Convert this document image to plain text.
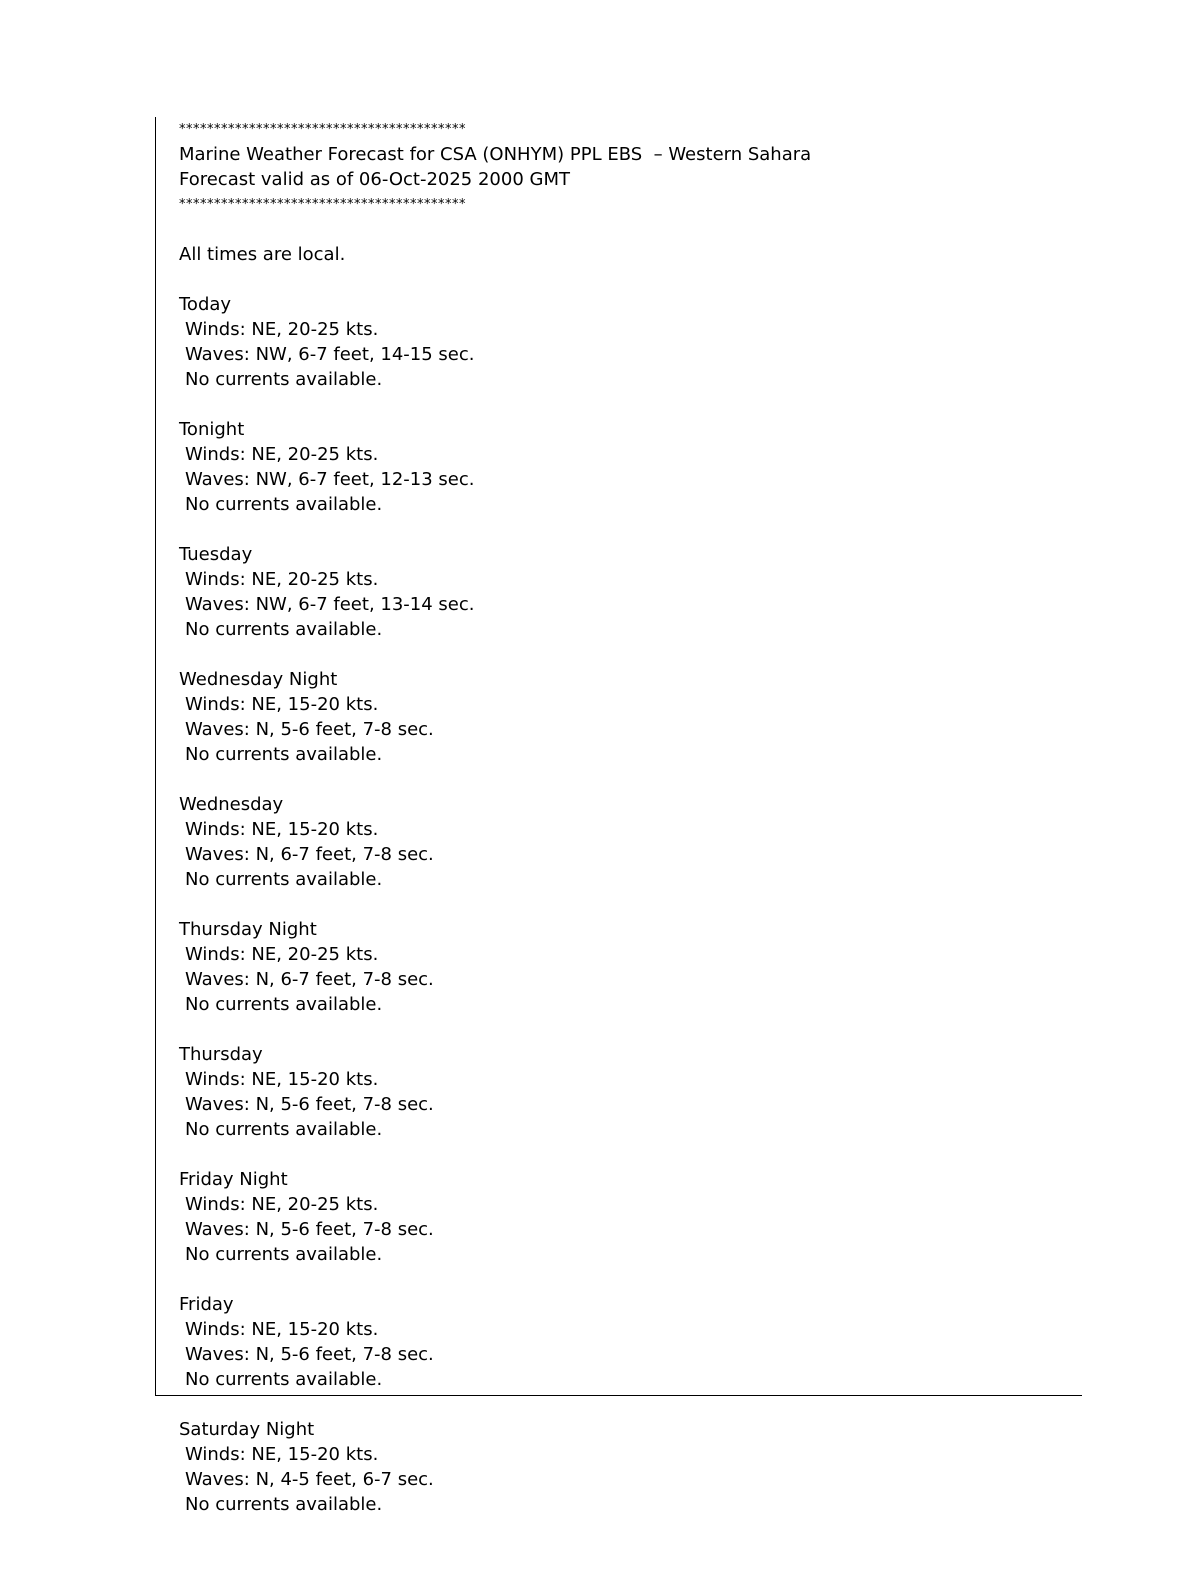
*****************************************
Marine Weather Forecast for CSA (ONHYM) PPL EBS  – Western Sahara
Forecast valid as of 06-Oct-2025 2000 GMT
*****************************************
All times are local.
Today
Winds: NE, 20-25 kts.
Waves: NW, 6-7 feet, 14-15 sec.
No currents available.
Tonight
Winds: NE, 20-25 kts.
Waves: NW, 6-7 feet, 12-13 sec.
No currents available.
Tuesday
Winds: NE, 20-25 kts.
Waves: NW, 6-7 feet, 13-14 sec.
No currents available.
Wednesday Night
Winds: NE, 15-20 kts.
Waves: N, 5-6 feet, 7-8 sec.
No currents available.
Wednesday
Winds: NE, 15-20 kts.
Waves: N, 6-7 feet, 7-8 sec.
No currents available.
Thursday Night
Winds: NE, 20-25 kts.
Waves: N, 6-7 feet, 7-8 sec.
No currents available.
Thursday
Winds: NE, 15-20 kts.
Waves: N, 5-6 feet, 7-8 sec.
No currents available.
Friday Night
Winds: NE, 20-25 kts.
Waves: N, 5-6 feet, 7-8 sec.
No currents available.
Friday
Winds: NE, 15-20 kts.
Waves: N, 5-6 feet, 7-8 sec.
No currents available.
Saturday Night
Winds: NE, 15-20 kts.
Waves: N, 4-5 feet, 6-7 sec.
No currents available.
